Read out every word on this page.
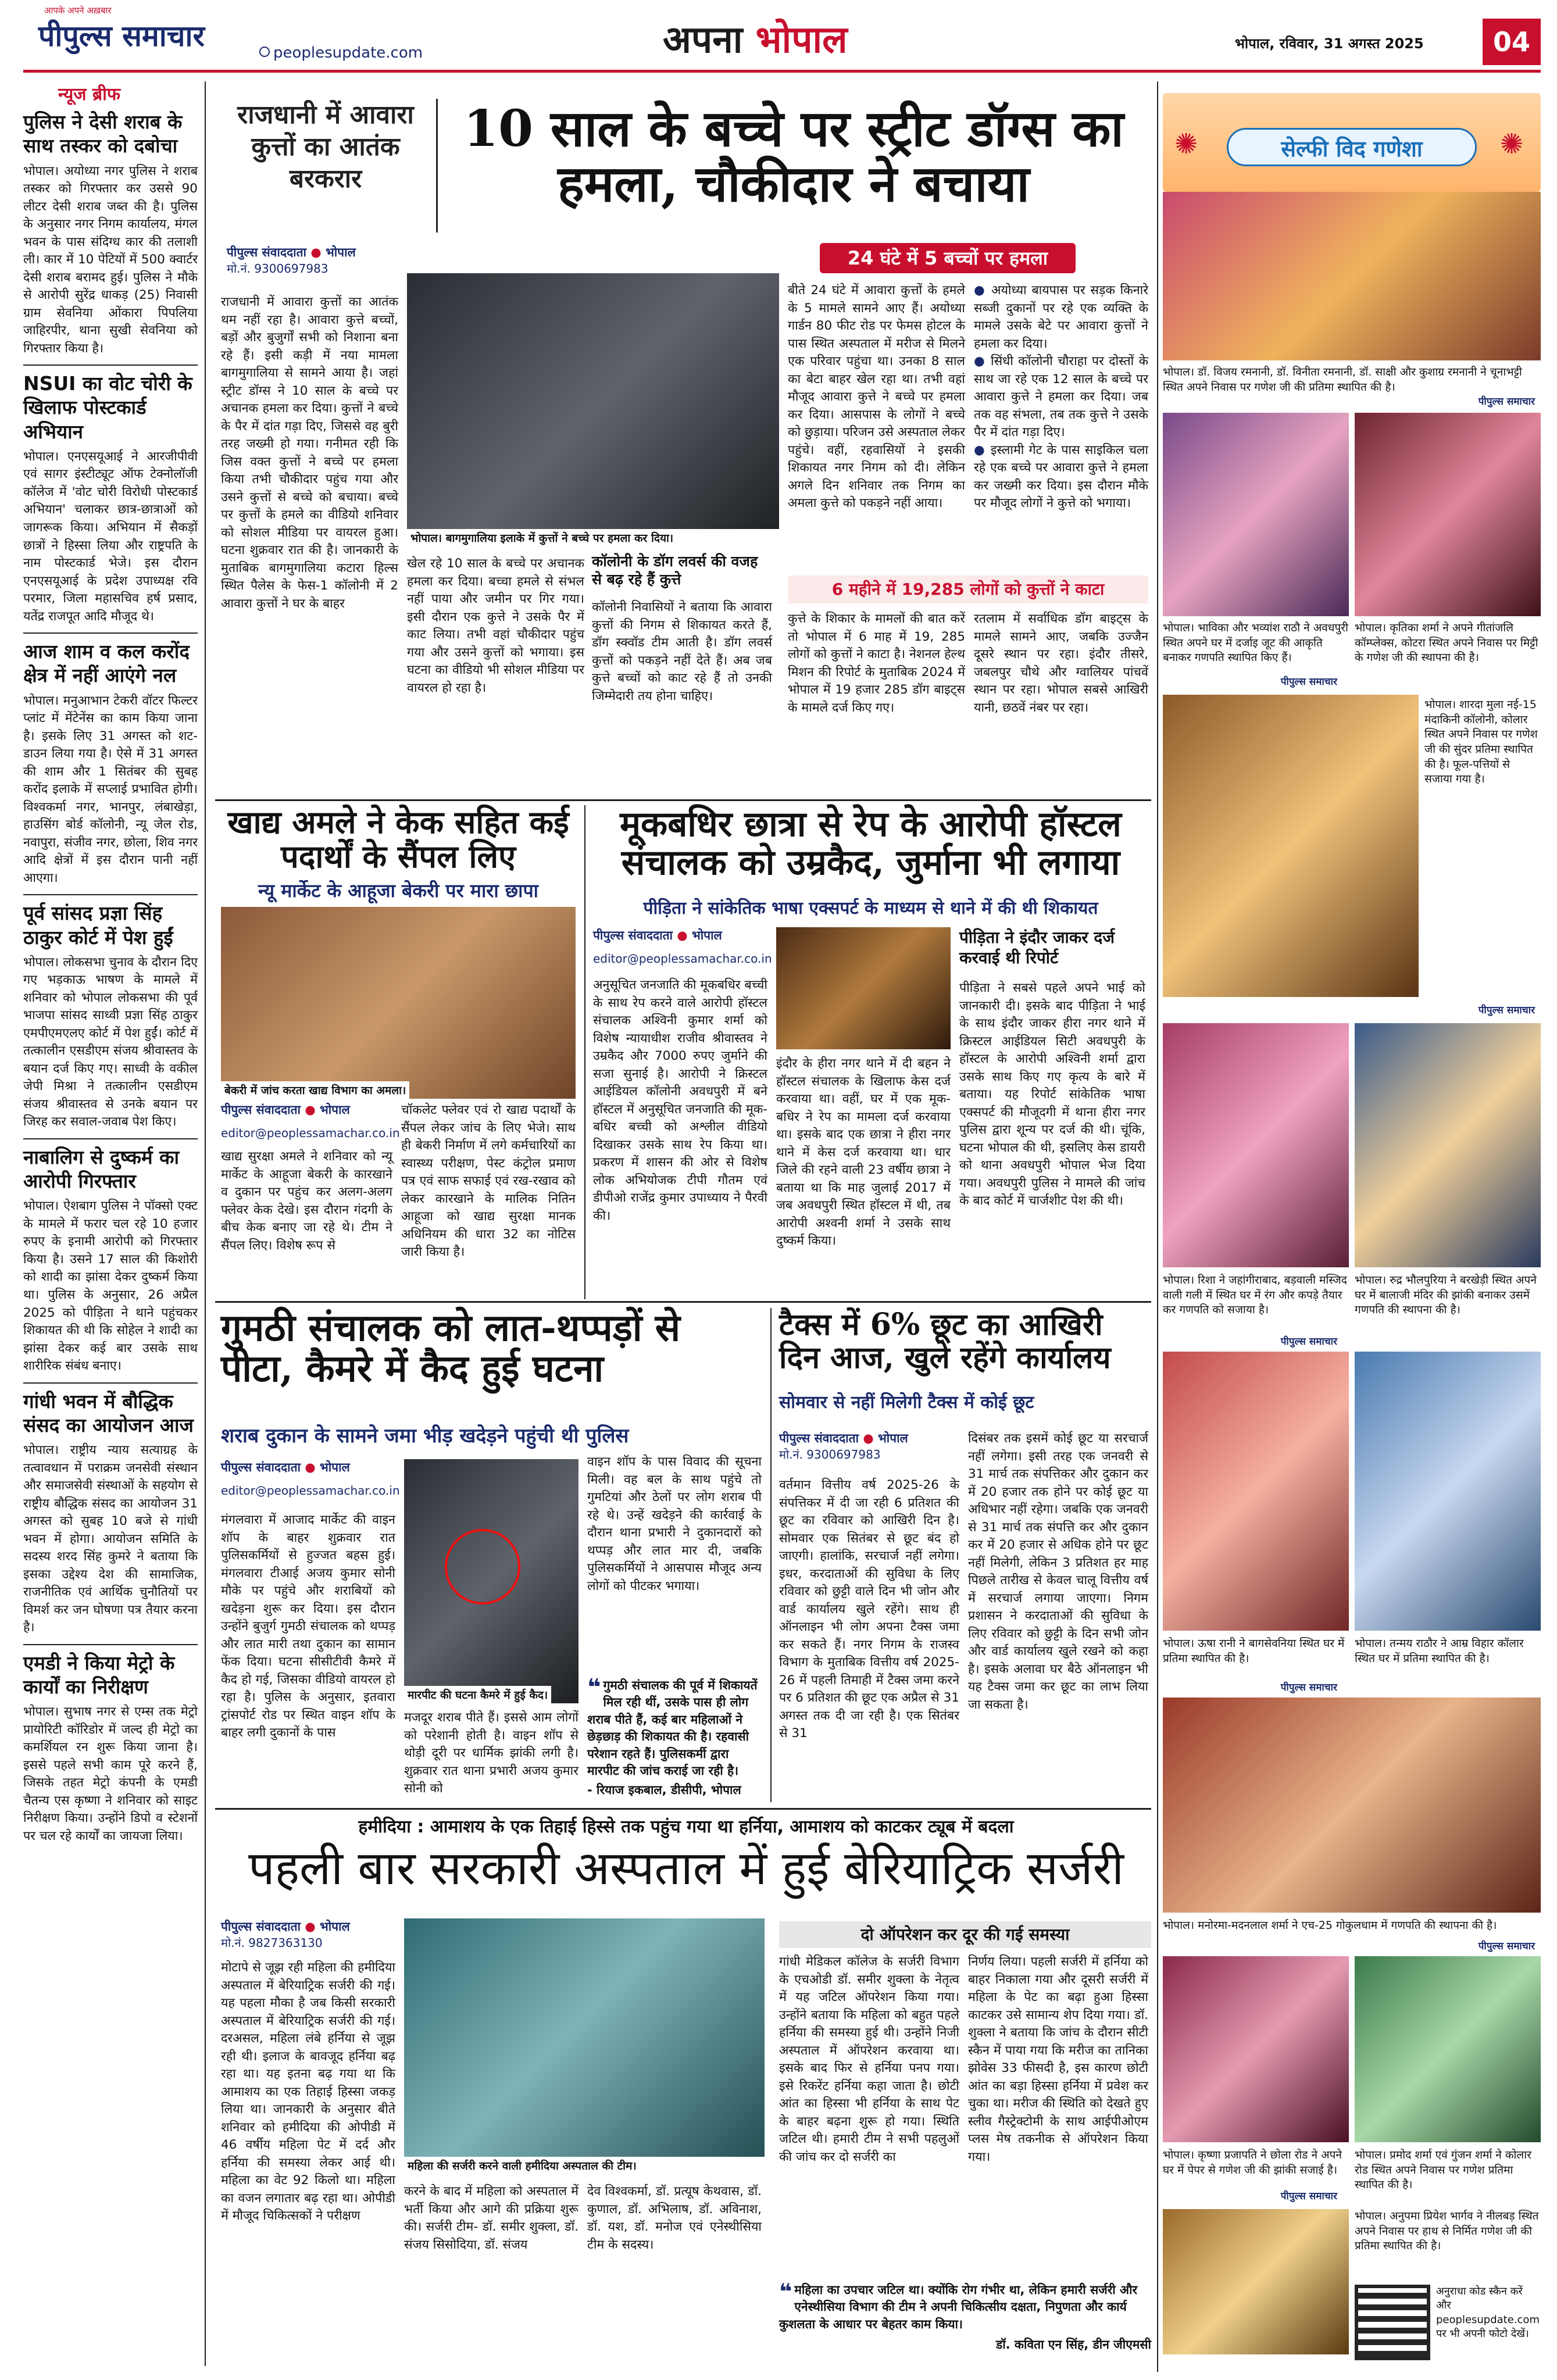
आपके अपने अख़बार
पीपुल्स समाचार	peoplesupdate.com	अपना भोपाल	भोपाल, रविवार, 31 अगस्त 2025	04
न्यूज ब्रीफ
पुलिस ने देसी शराब के साथ तस्कर को दबोचा
भोपाल। अयोध्या नगर पुलिस ने शराब तस्कर को गिरफ्तार कर उससे 90 लीटर देसी शराब जब्त की है। पुलिस के अनुसार नगर निगम कार्यालय, मंगल भवन के पास संदिग्ध कार की तलाशी ली। कार में 10 पेटियों में 500 क्वार्टर देसी शराब बरामद हुई। पुलिस ने मौके से आरोपी सुरेंद्र धाकड़ (25) निवासी ग्राम सेवनिया ओंकारा पिपलिया जाहिरपीर, थाना सुखी सेवनिया को गिरफ्तार किया है।
NSUI का वोट चोरी के खिलाफ पोस्टकार्ड अभियान
भोपाल। एनएसयूआई ने आरजीपीवी एवं सागर इंस्टीट्यूट ऑफ टेक्नोलॉजी कॉलेज में 'वोट चोरी विरोधी पोस्टकार्ड अभियान' चलाकर छात्र-छात्राओं को जागरूक किया। अभियान में सैकड़ों छात्रों ने हिस्सा लिया और राष्ट्रपति के नाम पोस्टकार्ड भेजे। इस दौरान एनएसयूआई के प्रदेश उपाध्यक्ष रवि परमार, जिला महासचिव हर्ष प्रसाद, यतेंद्र राजपूत आदि मौजूद थे।
आज शाम व कल करोंद क्षेत्र में नहीं आएंगे नल
भोपाल। मनुआभान टेकरी वॉटर फिल्टर प्लांट में मेंटेनेंस का काम किया जाना है। इसके लिए 31 अगस्त को शट-डाउन लिया गया है। ऐसे में 31 अगस्त की शाम और 1 सितंबर की सुबह करोंद इलाके में सप्लाई प्रभावित होगी। विश्वकर्मा नगर, भानपुर, लंबाखेड़ा, हाउसिंग बोर्ड कॉलोनी, न्यू जेल रोड, नवापुरा, संजीव नगर, छोला, शिव नगर आदि क्षेत्रों में इस दौरान पानी नहीं आएगा।
पूर्व सांसद प्रज्ञा सिंह ठाकुर कोर्ट में पेश हुईं
भोपाल। लोकसभा चुनाव के दौरान दिए गए भड़काऊ भाषण के मामले में शनिवार को भोपाल लोकसभा की पूर्व भाजपा सांसद साध्वी प्रज्ञा सिंह ठाकुर एमपीएमएलए कोर्ट में पेश हुईं। कोर्ट में तत्कालीन एसडीएम संजय श्रीवास्तव के बयान दर्ज किए गए। साध्वी के वकील जेपी मिश्रा ने तत्कालीन एसडीएम संजय श्रीवास्तव से उनके बयान पर जिरह कर सवाल-जवाब पेश किए।
नाबालिग से दुष्कर्म का आरोपी गिरफ्तार
भोपाल। ऐशबाग पुलिस ने पॉक्सो एक्ट के मामले में फरार चल रहे 10 हजार रुपए के इनामी आरोपी को गिरफ्तार किया है। उसने 17 साल की किशोरी को शादी का झांसा देकर दुष्कर्म किया था। पुलिस के अनुसार, 26 अप्रैल 2025 को पीड़िता ने थाने पहुंचकर शिकायत की थी कि सोहेल ने शादी का झांसा देकर कई बार उसके साथ शारीरिक संबंध बनाए।
गांधी भवन में बौद्धिक संसद का आयोजन आज
भोपाल। राष्ट्रीय न्याय सत्याग्रह के तत्वावधान में पराक्रम जनसेवी संस्थान और समाजसेवी संस्थाओं के सहयोग से राष्ट्रीय बौद्धिक संसद का आयोजन 31 अगस्त को सुबह 10 बजे से गांधी भवन में होगा। आयोजन समिति के सदस्य शरद सिंह कुमरे ने बताया कि इसका उद्देश्य देश की सामाजिक, राजनीतिक एवं आर्थिक चुनौतियों पर विमर्श कर जन घोषणा पत्र तैयार करना है।
एमडी ने किया मेट्रो के कार्यों का निरीक्षण
भोपाल। सुभाष नगर से एम्स तक मेट्रो प्रायोरिटी कॉरिडोर में जल्द ही मेट्रो का कमर्शियल रन शुरू किया जाना है। इससे पहले सभी काम पूरे करने हैं, जिसके तहत मेट्रो कंपनी के एमडी चैतन्य एस कृष्णा ने शनिवार को साइट निरीक्षण किया। उन्होंने डिपो व स्टेशनों पर चल रहे कार्यों का जायजा लिया।
राजधानी में आवारा कुत्तों का आतंक बरकरार
10 साल के बच्चे पर स्ट्रीट डॉग्स का हमला, चौकीदार ने बचाया
24 घंटे में 5 बच्चों पर हमला
पीपुल्स संवाददाता ● भोपाल
मो.नं. 9300697983
भोपाल। बागमुगालिया इलाके में कुत्तों ने बच्चे पर हमला कर दिया।
राजधानी में आवारा कुत्तों का आतंक थम नहीं रहा है। आवारा कुत्ते बच्चों, बड़ों और बुजुर्गों सभी को निशाना बना रहे हैं। इसी कड़ी में नया मामला बागमुगालिया से सामने आया है। जहां स्ट्रीट डॉग्स ने 10 साल के बच्चे पर अचानक हमला कर दिया। कुत्तों ने बच्चे के पैर में दांत गड़ा दिए, जिससे वह बुरी तरह जख्मी हो गया। गनीमत रही कि जिस वक्त कुत्तों ने बच्चे पर हमला किया तभी चौकीदार पहुंच गया और उसने कुत्तों से बच्चे को बचाया। बच्चे पर कुत्तों के हमले का वीडियो शनिवार को सोशल मीडिया पर वायरल हुआ। घटना शुक्रवार रात की है। जानकारी के मुताबिक बागमुगालिया कटारा हिल्स स्थित पैलेस के फेस-1 कॉलोनी में 2 आवारा कुत्तों ने घर के बाहर
खेल रहे 10 साल के बच्चे पर अचानक हमला कर दिया। बच्चा हमले से संभल नहीं पाया और जमीन पर गिर गया। इसी दौरान एक कुत्ते ने उसके पैर में काट लिया। तभी वहां चौकीदार पहुंच गया और उसने कुत्तों को भगाया। इस घटना का वीडियो भी सोशल मीडिया पर वायरल हो रहा है।
कॉलोनी के डॉग लवर्स की वजह से बढ़ रहे हैं कुत्ते
कॉलोनी निवासियों ने बताया कि आवारा कुत्तों की निगम से शिकायत करते हैं, डॉग स्क्वॉड टीम आती है। डॉग लवर्स कुत्तों को पकड़ने नहीं देते हैं। अब जब कुत्ते बच्चों को काट रहे हैं तो उनकी जिम्मेदारी तय होना चाहिए।
बीते 24 घंटे में आवारा कुत्तों के हमले के 5 मामले सामने आए हैं। अयोध्या गार्डन 80 फीट रोड पर फेमस होटल के पास स्थित अस्पताल में मरीज से मिलने एक परिवार पहुंचा था। उनका 8 साल का बेटा बाहर खेल रहा था। तभी वहां मौजूद आवारा कुत्ते ने बच्चे पर हमला कर दिया। आसपास के लोगों ने बच्चे को छुड़ाया। परिजन उसे अस्पताल लेकर पहुंचे। वहीं, रहवासियों ने इसकी शिकायत नगर निगम को दी। लेकिन अगले दिन शनिवार तक निगम का अमला कुत्ते को पकड़ने नहीं आया।
● अयोध्या बायपास पर सड़क किनारे सब्जी दुकानों पर रहे एक व्यक्ति के मामले उसके बेटे पर आवारा कुत्तों ने हमला कर दिया।
● सिंधी कॉलोनी चौराहा पर दोस्तों के साथ जा रहे एक 12 साल के बच्चे पर आवारा कुत्ते ने हमला कर दिया। जब तक वह संभला, तब तक कुत्ते ने उसके पैर में दांत गड़ा दिए।
● इस्लामी गेट के पास साइकिल चला रहे एक बच्चे पर आवारा कुत्ते ने हमला कर जख्मी कर दिया। इस दौरान मौके पर मौजूद लोगों ने कुत्ते को भगाया।
6 महीने में 19,285 लोगों को कुत्तों ने काटा
कुत्ते के शिकार के मामलों की बात करें तो भोपाल में 6 माह में 19, 285 लोगों को कुत्तों ने काटा है। नेशनल हेल्थ मिशन की रिपोर्ट के मुताबिक 2024 में भोपाल में 19 हजार 285 डॉग बाइट्स के मामले दर्ज किए गए।
रतलाम में सर्वाधिक डॉग बाइट्स के मामले सामने आए, जबकि उज्जैन दूसरे स्थान पर रहा। इंदौर तीसरे, जबलपुर चौथे और ग्वालियर पांचवें स्थान पर रहा। भोपाल सबसे आखिरी यानी, छठवें नंबर पर रहा।
खाद्य अमले ने केक सहित कई पदार्थों के सैंपल लिए
न्यू मार्केट के आहूजा बेकरी पर मारा छापा
बेकरी में जांच करता खाद्य विभाग का अमला।
पीपुल्स संवाददाता ● भोपाल
editor@peoplessamachar.co.in
खाद्य सुरक्षा अमले ने शनिवार को न्यू मार्केट के आहूजा बेकरी के कारखाने व दुकान पर पहुंच कर अलग-अलग फ्लेवर केक देखे। इस दौरान गंदगी के बीच केक बनाए जा रहे थे। टीम ने सैंपल लिए। विशेष रूप से
चॉकलेट फ्लेवर एवं रो खाद्य पदार्थों के सैंपल लेकर जांच के लिए भेजे। साथ ही बेकरी निर्माण में लगे कर्मचारियों का स्वास्थ्य परीक्षण, पेस्ट कंट्रोल प्रमाण पत्र एवं साफ सफाई एवं रख-रखाव को लेकर कारखाने के मालिक नितिन आहूजा को खाद्य सुरक्षा मानक अधिनियम की धारा 32 का नोटिस जारी किया है।
मूकबधिर छात्रा से रेप के आरोपी हॉस्टल संचालक को उम्रकैद, जुर्माना भी लगाया
पीड़िता ने सांकेतिक भाषा एक्सपर्ट के माध्यम से थाने में की थी शिकायत
पीपुल्स संवाददाता ● भोपाल
editor@peoplessamachar.co.in
अनुसूचित जनजाति की मूकबधिर बच्ची के साथ रेप करने वाले आरोपी हॉस्टल संचालक अश्विनी कुमार शर्मा को विशेष न्यायाधीश राजीव श्रीवास्तव ने उम्रकैद और 7000 रुपए जुर्माने की सजा सुनाई है। आरोपी ने क्रिस्टल आईडियल कॉलोनी अवधपुरी में बने हॉस्टल में अनुसूचित जनजाति की मूक-बधिर बच्ची को अश्लील वीडियो दिखाकर उसके साथ रेप किया था। प्रकरण में शासन की ओर से विशेष लोक अभियोजक टीपी गौतम एवं डीपीओ राजेंद्र कुमार उपाध्याय ने पैरवी की।
इंदौर के हीरा नगर थाने में दी बहन ने हॉस्टल संचालक के खिलाफ केस दर्ज करवाया था। वहीं, घर में एक मूक-बधिर ने रेप का मामला दर्ज करवाया था। इसके बाद एक छात्रा ने हीरा नगर थाने में केस दर्ज करवाया था। धार जिले की रहने वाली 23 वर्षीय छात्रा ने बताया था कि माह जुलाई 2017 में जब अवधपुरी स्थित हॉस्टल में थी, तब आरोपी अश्वनी शर्मा ने उसके साथ दुष्कर्म किया।
पीड़िता ने इंदौर जाकर दर्ज करवाई थी रिपोर्ट
पीड़िता ने सबसे पहले अपने भाई को जानकारी दी। इसके बाद पीड़िता ने भाई के साथ इंदौर जाकर हीरा नगर थाने में क्रिस्टल आईडियल सिटी अवधपुरी के हॉस्टल के आरोपी अश्विनी शर्मा द्वारा उसके साथ किए गए कृत्य के बारे में बताया। यह रिपोर्ट सांकेतिक भाषा एक्सपर्ट की मौजूदगी में थाना हीरा नगर पुलिस द्वारा शून्य पर दर्ज की थी। चूंकि, घटना भोपाल की थी, इसलिए केस डायरी को थाना अवधपुरी भोपाल भेज दिया गया। अवधपुरी पुलिस ने मामले की जांच के बाद कोर्ट में चार्जशीट पेश की थी।
गुमठी संचालक को लात-थप्पड़ों से पीटा, कैमरे में कैद हुई घटना
शराब दुकान के सामने जमा भीड़ खदेड़ने पहुंची थी पुलिस
पीपुल्स संवाददाता ● भोपाल
editor@peoplessamachar.co.in
मंगलवारा में आजाद मार्केट की वाइन शॉप के बाहर शुक्रवार रात पुलिसकर्मियों से हुज्जत बहस हुई। मंगलवारा टीआई अजय कुमार सोनी मौके पर पहुंचे और शराबियों को खदेड़ना शुरू कर दिया। इस दौरान उन्होंने बुजुर्ग गुमठी संचालक को थप्पड़ और लात मारी तथा दुकान का सामान फेंक दिया। घटना सीसीटीवी कैमरे में कैद हो गई, जिसका वीडियो वायरल हो रहा है। पुलिस के अनुसार, इतवारा ट्रांसपोर्ट रोड पर स्थित वाइन शॉप के बाहर लगी दुकानों के पास
मारपीट की घटना कैमरे में हुई कैद।
मजदूर शराब पीते हैं। इससे आम लोगों को परेशानी होती है। वाइन शॉप से थोड़ी दूरी पर धार्मिक झांकी लगी है। शुक्रवार रात थाना प्रभारी अजय कुमार सोनी को
वाइन शॉप के पास विवाद की सूचना मिली। वह बल के साथ पहुंचे तो गुमटियां और ठेलों पर लोग शराब पी रहे थे। उन्हें खदेड़ने की कार्रवाई के दौरान थाना प्रभारी ने दुकानदारों को थप्पड़ और लात मार दी, जबकि पुलिसकर्मियों ने आसपास मौजूद अन्य लोगों को पीटकर भगाया।
❝ गुमठी संचालक की पूर्व में शिकायतें मिल रही थीं, उसके पास ही लोग शराब पीते हैं, कई बार महिलाओं ने छेड़छाड़ की शिकायत की है। रहवासी परेशान रहते हैं। पुलिसकर्मी द्वारा मारपीट की जांच कराई जा रही है।
- रियाज इकबाल, डीसीपी, भोपाल
टैक्स में 6% छूट का आखिरी दिन आज, खुले रहेंगे कार्यालय
सोमवार से नहीं मिलेगी टैक्स में कोई छूट
पीपुल्स संवाददाता ● भोपाल
मो.नं. 9300697983
वर्तमान वित्तीय वर्ष 2025-26 के संपत्तिकर में दी जा रही 6 प्रतिशत की छूट का रविवार को आखिरी दिन है। सोमवार एक सितंबर से छूट बंद हो जाएगी। हालांकि, सरचार्ज नहीं लगेगा। इधर, करदाताओं की सुविधा के लिए रविवार को छुट्टी वाले दिन भी जोन और वार्ड कार्यालय खुले रहेंगे। साथ ही ऑनलाइन भी लोग अपना टैक्स जमा कर सकते हैं। नगर निगम के राजस्व विभाग के मुताबिक वित्तीय वर्ष 2025-26 में पहली तिमाही में टैक्स जमा करने पर 6 प्रतिशत की छूट एक अप्रैल से 31 अगस्त तक दी जा रही है। एक सितंबर से 31
दिसंबर तक इसमें कोई छूट या सरचार्ज नहीं लगेगा। इसी तरह एक जनवरी से 31 मार्च तक संपत्तिकर और दुकान कर में 20 हजार तक होने पर कोई छूट या अधिभार नहीं रहेगा। जबकि एक जनवरी से 31 मार्च तक संपत्ति कर और दुकान कर में 20 हजार से अधिक होने पर छूट नहीं मिलेगी, लेकिन 3 प्रतिशत हर माह पिछले तारीख से केवल चालू वित्तीय वर्ष में सरचार्ज लगाया जाएगा। निगम प्रशासन ने करदाताओं की सुविधा के लिए रविवार को छुट्टी के दिन सभी जोन और वार्ड कार्यालय खुले रखने को कहा है। इसके अलावा घर बैठे ऑनलाइन भी यह टैक्स जमा कर छूट का लाभ लिया जा सकता है।
हमीदिया : आमाशय के एक तिहाई हिस्से तक पहुंच गया था हर्निया, आमाशय को काटकर ट्यूब में बदला
पहली बार सरकारी अस्पताल में हुई बेरियाट्रिक सर्जरी
पीपुल्स संवाददाता ● भोपाल
मो.नं. 9827363130
मोटापे से जूझ रही महिला की हमीदिया अस्पताल में बेरियाट्रिक सर्जरी की गई। यह पहला मौका है जब किसी सरकारी अस्पताल में बेरियाट्रिक सर्जरी की गई। दरअसल, महिला लंबे हर्निया से जूझ रही थी। इलाज के बावजूद हर्निया बढ़ रहा था। यह इतना बढ़ गया था कि आमाशय का एक तिहाई हिस्सा जकड़ लिया था। जानकारी के अनुसार बीते शनिवार को हमीदिया की ओपीडी में 46 वर्षीय महिला पेट में दर्द और हर्निया की समस्या लेकर आई थी। महिला का वेट 92 किलो था। महिला का वजन लगातार बढ़ रहा था। ओपीडी में मौजूद चिकित्सकों ने परीक्षण
महिला की सर्जरी करने वाली हमीदिया अस्पताल की टीम।
करने के बाद में महिला को अस्पताल में भर्ती किया और आगे की प्रक्रिया शुरू की। सर्जरी टीम- डॉ. समीर शुक्ला, डॉ. संजय सिसोदिया, डॉ. संजय
देव विश्वकर्मा, डॉ. प्रत्यूष केथवास, डॉ. कुणाल, डॉ. अभिलाष, डॉ. अविनाश, डॉ. यश, डॉ. मनोज एवं एनेस्थीसिया टीम के सदस्य।
दो ऑपरेशन कर दूर की गई समस्या
गांधी मेडिकल कॉलेज के सर्जरी विभाग के एचओडी डॉ. समीर शुक्ला के नेतृत्व में यह जटिल ऑपरेशन किया गया। उन्होंने बताया कि महिला को बहुत पहले हर्निया की समस्या हुई थी। उन्होंने निजी अस्पताल में ऑपरेशन करवाया था। इसके बाद फिर से हर्निया पनप गया। इसे रिकरेंट हर्निया कहा जाता है। छोटी आंत का हिस्सा भी हर्निया के साथ पेट के बाहर बढ़ना शुरू हो गया। स्थिति जटिल थी। हमारी टीम ने सभी पहलुओं की जांच कर दो सर्जरी का
निर्णय लिया। पहली सर्जरी में हर्निया को बाहर निकाला गया और दूसरी सर्जरी में महिला के पेट का बढ़ा हुआ हिस्सा काटकर उसे सामान्य शेप दिया गया। डॉ. शुक्ला ने बताया कि जांच के दौरान सीटी स्कैन में पाया गया कि मरीज का तानिका झोवेस 33 फीसदी है, इस कारण छोटी आंत का बड़ा हिस्सा हर्निया में प्रवेश कर चुका था। मरीज की स्थिति को देखते हुए स्लीव गैस्ट्रेक्टोमी के साथ आईपीओएम प्लस मेष तकनीक से ऑपरेशन किया गया।
❝ महिला का उपचार जटिल था। क्योंकि रोग गंभीर था, लेकिन हमारी सर्जरी और एनेस्थीसिया विभाग की टीम ने अपनी चिकित्सीय दक्षता, निपुणता और कार्य कुशलता के आधार पर बेहतर काम किया।
डॉ. कविता एन सिंह, डीन जीएमसी
✺	✺
सेल्फी विद गणेशा
भोपाल। डॉ. विजय रमनानी, डॉ. विनीता रमनानी, डॉ. साक्षी और कुशाग्र रमनानी ने चूनाभट्टी स्थित अपने निवास पर गणेश जी की प्रतिमा स्थापित की है।
पीपुल्स समाचार
भोपाल। भाविका और भव्यांश राठौ ने अवधपुरी स्थित अपने घर में दर्जाइ जूट की आकृति बनाकर गणपति स्थापित किए हैं।
भोपाल। कृतिका शर्मा ने अपने गीतांजलि कॉम्प्लेक्स, कोटरा स्थित अपने निवास पर मिट्टी के गणेश जी की स्थापना की है।
पीपुल्स समाचार
भोपाल। शारदा मुला नई-15 मंदाकिनी कॉलोनी, कोलार स्थित अपने निवास पर गणेश जी की सुंदर प्रतिमा स्थापित की है। फूल-पत्तियों से सजाया गया है।
पीपुल्स समाचार
भोपाल। रिशा ने जहांगीराबाद, बड़वाली मस्जिद वाली गली में स्थित घर में रंग और कपड़े तैयार कर गणपति को सजाया है।
भोपाल। रुद्र भौलपुरिया ने बरखेड़ी स्थित अपने घर में बालाजी मंदिर की झांकी बनाकर उसमें गणपति की स्थापना की है।
पीपुल्स समाचार
भोपाल। ऊषा रानी ने बागसेवनिया स्थित घर में प्रतिमा स्थापित की है।
भोपाल। तन्मय राठौर ने आम्र विहार कॉलार स्थित घर में प्रतिमा स्थापित की है।
पीपुल्स समाचार
भोपाल। मनोरमा-मदनलाल शर्मा ने एच-25 गोकुलधाम में गणपति की स्थापना की है।
पीपुल्स समाचार
भोपाल। कृष्णा प्रजापति ने छोला रोड ने अपने घर में पेपर से गणेश जी की झांकी सजाई है।
पीपुल्स समाचार
भोपाल। प्रमोद शर्मा एवं गुंजन शर्मा ने कोलार रोड स्थित अपने निवास पर गणेश प्रतिमा स्थापित की है।
भोपाल। अनुपमा प्रियेश भार्गव ने नीलबड़ स्थित अपने निवास पर हाथ से निर्मित गणेश जी की प्रतिमा स्थापित की है।
अनुराधा कोड स्कैन करें और peoplesupdate.com पर भी अपनी फोटो देखें।
